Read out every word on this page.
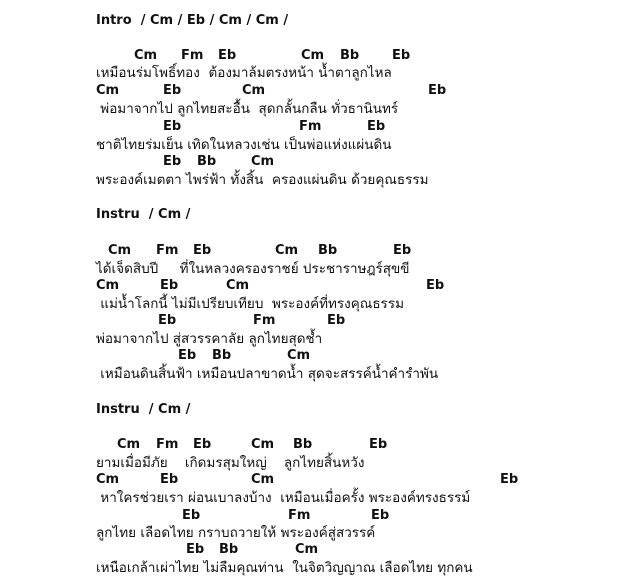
Intro  / Cm / Eb / Cm / Cm /
Cm Fm Eb	Cm Bb	Eb
เหมือนร่มโพธิ์ทอง  ต้องมาล้มตรงหน้า น้ำตาลูกไหล
Cm	Eb	Cm	Eb
พ่อมาจากไป ลูกไทยสะอื้น  สุดกลั้นกลืน ทั่วธานินทร์
Eb	Fm	Eb
ชาติไทยร่มเย็น เทิดในหลวงเช่น เป็นพ่อแห่งแผ่นดิน
Eb Bb	Cm
พระองค์เมตตา ไพร่ฟ้า ทั้งสิ้น  ครองแผ่นดิน ด้วยคุณธรรม
Instru  / Cm /
Cm Fm Eb	Cm Bb	Eb
ได้เจ็ดสิบปี     ที่ในหลวงครองราชย์ ประชาราษฎร์สุขขี
Cm	Eb	Cm	Eb
แม่น้ำโลกนี้ ไม่มีเปรียบเทียบ  พระองค์ที่ทรงคุณธรรม
Eb	Fm	Eb
พ่อมาจากไป สู่สวรรคาลัย ลูกไทยสุดช้ำ
Eb Bb	Cm
เหมือนดินสิ้นฟ้า เหมือนปลาขาดน้ำ สุดจะสรรค์น้ำคำรำพัน
Instru  / Cm /
Cm Fm Eb	Cm Bb	Eb
ยามเมื่อมีภัย    เกิดมรสุมใหญ่    ลูกไทยสิ้นหวัง
Cm	Eb	Cm	Eb
หาใครช่วยเรา ผ่อนเบาลงบ้าง  เหมือนเมื่อครั้ง พระองค์ทรงธรรม์
Eb	Fm	Eb
ลูกไทย เลือดไทย กราบถวายให้ พระองค์สู่สวรรค์
Eb Bb	Cm
เหนือเกล้าเผ่าไทย ไม่ลืมคุณท่าน  ในจิตวิญญาณ เลือดไทย ทุกคน
